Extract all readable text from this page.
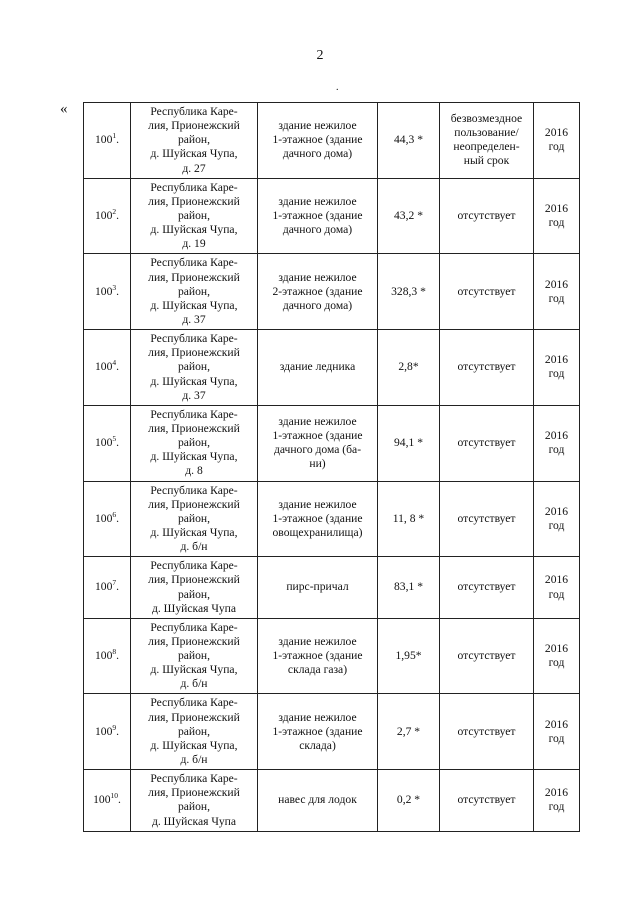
2
.
«
$100^1$.	Республика Каре-
лия, Прионежский
район,
д. Шуйская Чупа,
д. 27	здание нежилое
1-этажное (здание
дачного дома)	44,3 *	безвозмездное
пользование/
неопределен-
ный срок	2016
год
$100^2$.	Республика Каре-
лия, Прионежский
район,
д. Шуйская Чупа,
д. 19	здание нежилое
1-этажное (здание
дачного дома)	43,2 *	отсутствует	2016
год
$100^3$.	Республика Каре-
лия, Прионежский
район,
д. Шуйская Чупа,
д. 37	здание нежилое
2-этажное (здание
дачного дома)	328,3 *	отсутствует	2016
год
$100^4$.	Республика Каре-
лия, Прионежский
район,
д. Шуйская Чупа,
д. 37	здание ледника	2,8*	отсутствует	2016
год
$100^5$.	Республика Каре-
лия, Прионежский
район,
д. Шуйская Чупа,
д. 8	здание нежилое
1-этажное (здание
дачного дома (ба-
ни)	94,1 *	отсутствует	2016
год
$100^6$.	Республика Каре-
лия, Прионежский
район,
д. Шуйская Чупа,
д. б/н	здание нежилое
1-этажное (здание
овощехранилища)	11, 8 *	отсутствует	2016
год
$100^7$.	Республика Каре-
лия, Прионежский
район,
д. Шуйская Чупа	пирс-причал	83,1 *	отсутствует	2016
год
$100^8$.	Республика Каре-
лия, Прионежский
район,
д. Шуйская Чупа,
д. б/н	здание нежилое
1-этажное (здание
склада газа)	1,95*	отсутствует	2016
год
$100^9$.	Республика Каре-
лия, Прионежский
район,
д. Шуйская Чупа,
д. б/н	здание нежилое
1-этажное (здание
склада)	2,7 *	отсутствует	2016
год
$100^{10}$.	Республика Каре-
лия, Прионежский
район,
д. Шуйская Чупа	навес для лодок	0,2 *	отсутствует	2016
год
